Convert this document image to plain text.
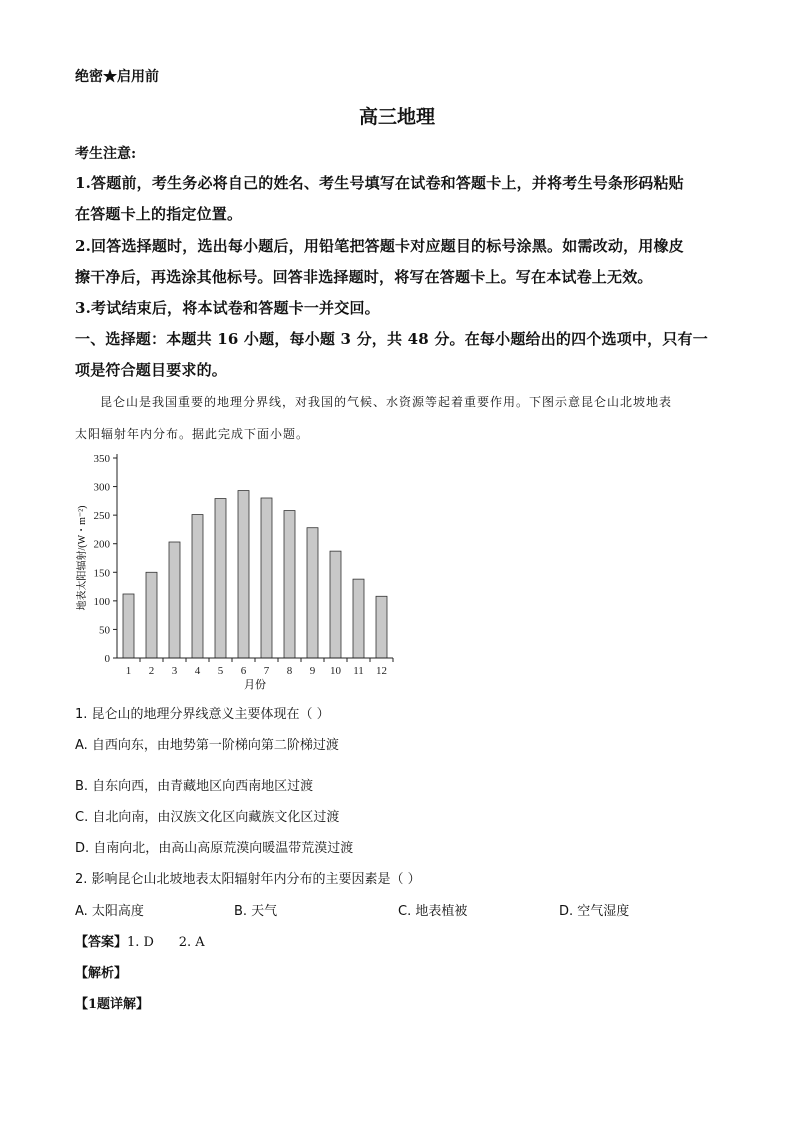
绝密★启用前
高三地理
考生注意:
1.答题前，考生务必将自己的姓名、考生号填写在试卷和答题卡上，并将考生号条形码粘贴
在答题卡上的指定位置。
2.回答选择题时，选出每小题后，用铅笔把答题卡对应题目的标号涂黑。如需改动，用橡皮
擦干净后，再选涂其他标号。回答非选择题时，将写在答题卡上。写在本试卷上无效。
3.考试结束后，将本试卷和答题卡一并交回。
一、选择题：本题共 16 小题，每小题 3 分，共 48 分。在每小题给出的四个选项中，只有一
项是符合题目要求的。
昆仑山是我国重要的地理分界线，对我国的气候、水资源等起着重要作用。下图示意昆仑山北坡地表
太阳辐射年内分布。据此完成下面小题。
0
50
100
150
200
250
300
350
1 2 3 4 5 6 7 8 9 10 11 12
地表太阳辐射/(W・m⁻²)
月份
1. 昆仑山的地理分界线意义主要体现在（ ）
A. 自西向东，由地势第一阶梯向第二阶梯过渡
B. 自东向西，由青藏地区向西南地区过渡
C. 自北向南，由汉族文化区向藏族文化区过渡
D. 自南向北，由高山高原荒漠向暖温带荒漠过渡
2. 影响昆仑山北坡地表太阳辐射年内分布的主要因素是（ ）
A. 太阳高度	B. 天气	C. 地表植被	D. 空气湿度
【答案】1. D      2. A
【解析】
【1题详解】
